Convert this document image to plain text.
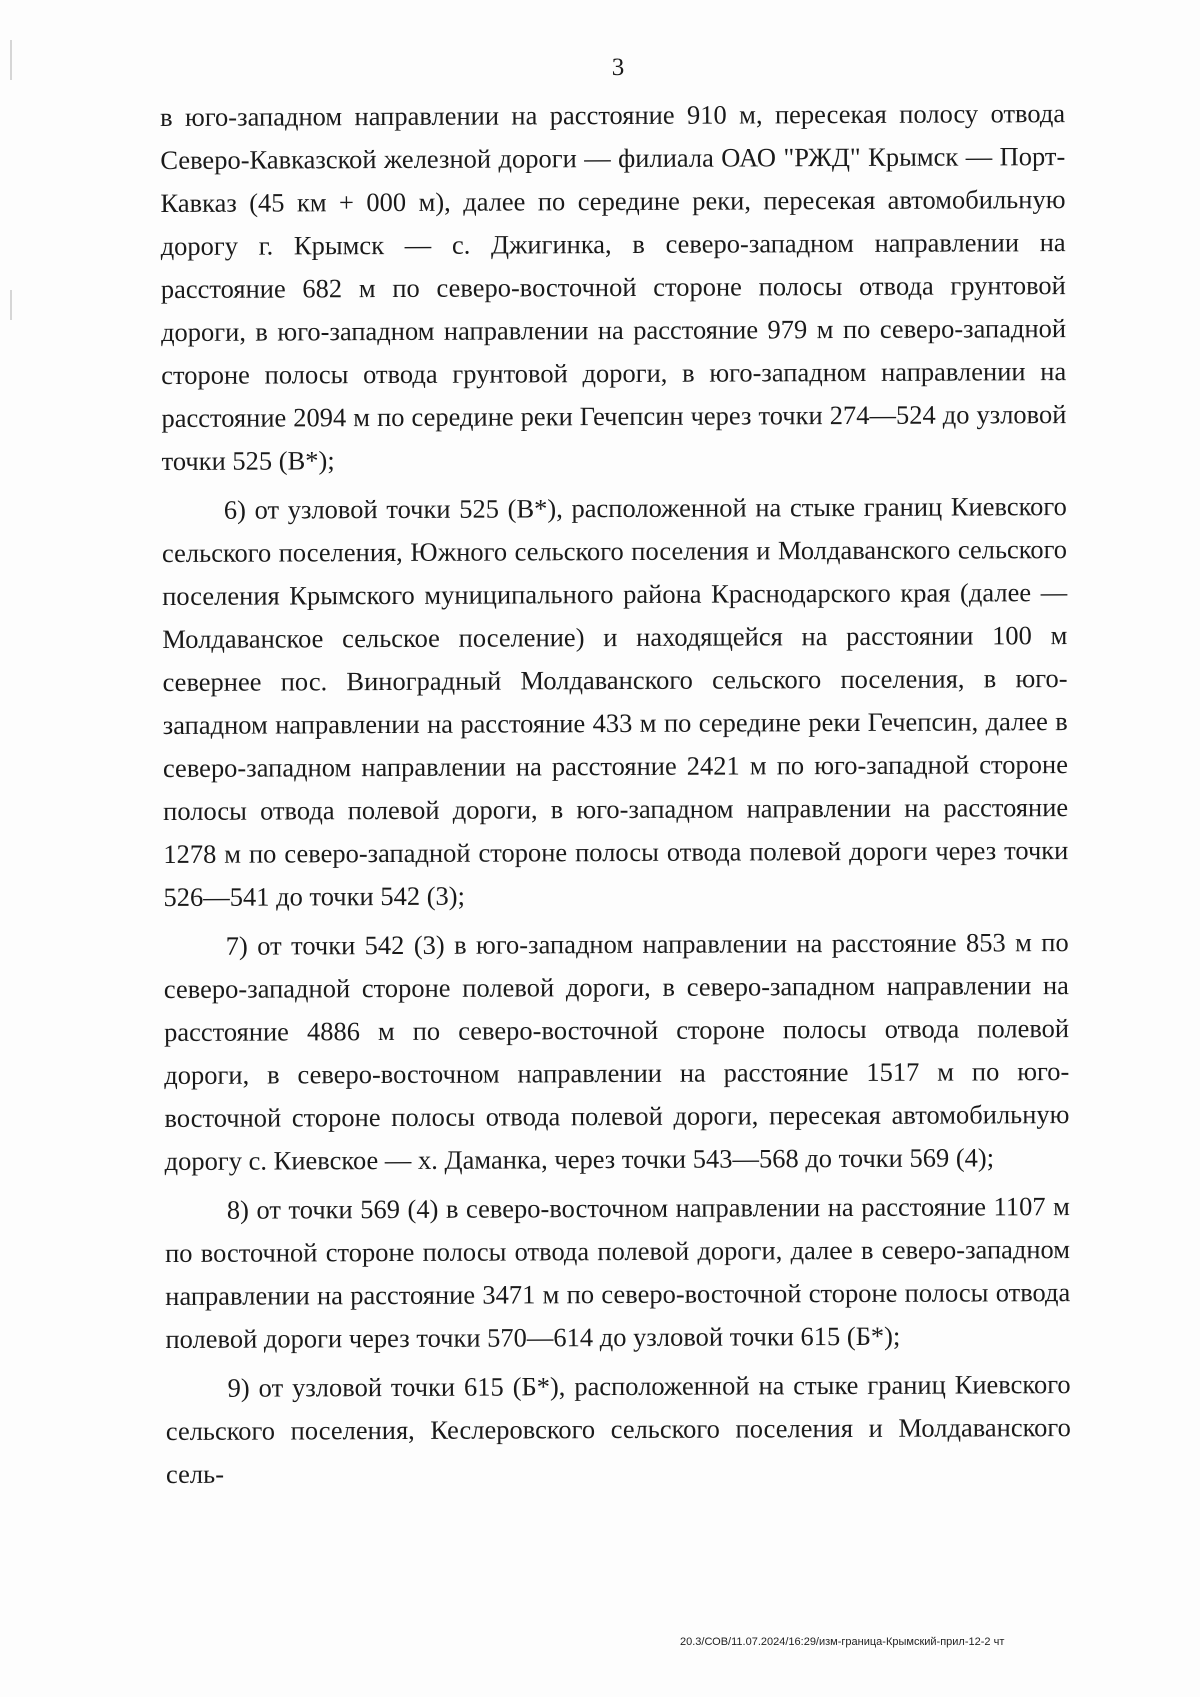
3

в юго-западном направлении на расстояние 910 м, пересекая полосу отвода Северо-Кавказской железной дороги — филиала ОАО "РЖД" Крымск — Порт-Кавказ (45 км + 000 м), далее по середине реки, пересекая автомобильную дорогу г. Крымск — с. Джигинка, в северо-западном направлении на расстояние 682 м по северо-восточной стороне полосы отвода грунтовой дороги, в юго-западном направлении на расстояние 979 м по северо-западной стороне полосы отвода грунтовой дороги, в юго-западном направлении на расстояние 2094 м по середине реки Гечепсин через точки 274—524 до узловой точки 525 (В*);

6) от узловой точки 525 (В*), расположенной на стыке границ Киевского сельского поселения, Южного сельского поселения и Молдаванского сельского поселения Крымского муниципального района Краснодарского края (далее — Молдаванское сельское поселение) и находящейся на расстоянии 100 м севернее пос. Виноградный Молдаванского сельского поселения, в юго-западном направлении на расстояние 433 м по середине реки Гечепсин, далее в северо-западном направлении на расстояние 2421 м по юго-западной стороне полосы отвода полевой дороги, в юго-западном направлении на расстояние 1278 м по северо-западной стороне полосы отвода полевой дороги через точки 526—541 до точки 542 (3);

7) от точки 542 (3) в юго-западном направлении на расстояние 853 м по северо-западной стороне полевой дороги, в северо-западном направлении на расстояние 4886 м по северо-восточной стороне полосы отвода полевой дороги, в северо-восточном направлении на расстояние 1517 м по юго-восточной стороне полосы отвода полевой дороги, пересекая автомобильную дорогу с. Киевское — х. Даманка, через точки 543—568 до точки 569 (4);

8) от точки 569 (4) в северо-восточном направлении на расстояние 1107 м по восточной стороне полосы отвода полевой дороги, далее в северо-западном направлении на расстояние 3471 м по северо-восточной стороне полосы отвода полевой дороги через точки 570—614 до узловой точки 615 (Б*);

9) от узловой точки 615 (Б*), расположенной на стыке границ Киевского сельского поселения, Кеслеровского сельского поселения и Молдаванского сель-

20.3/СОВ/11.07.2024/16:29/изм-граница-Крымский-прил-12-2 чт
